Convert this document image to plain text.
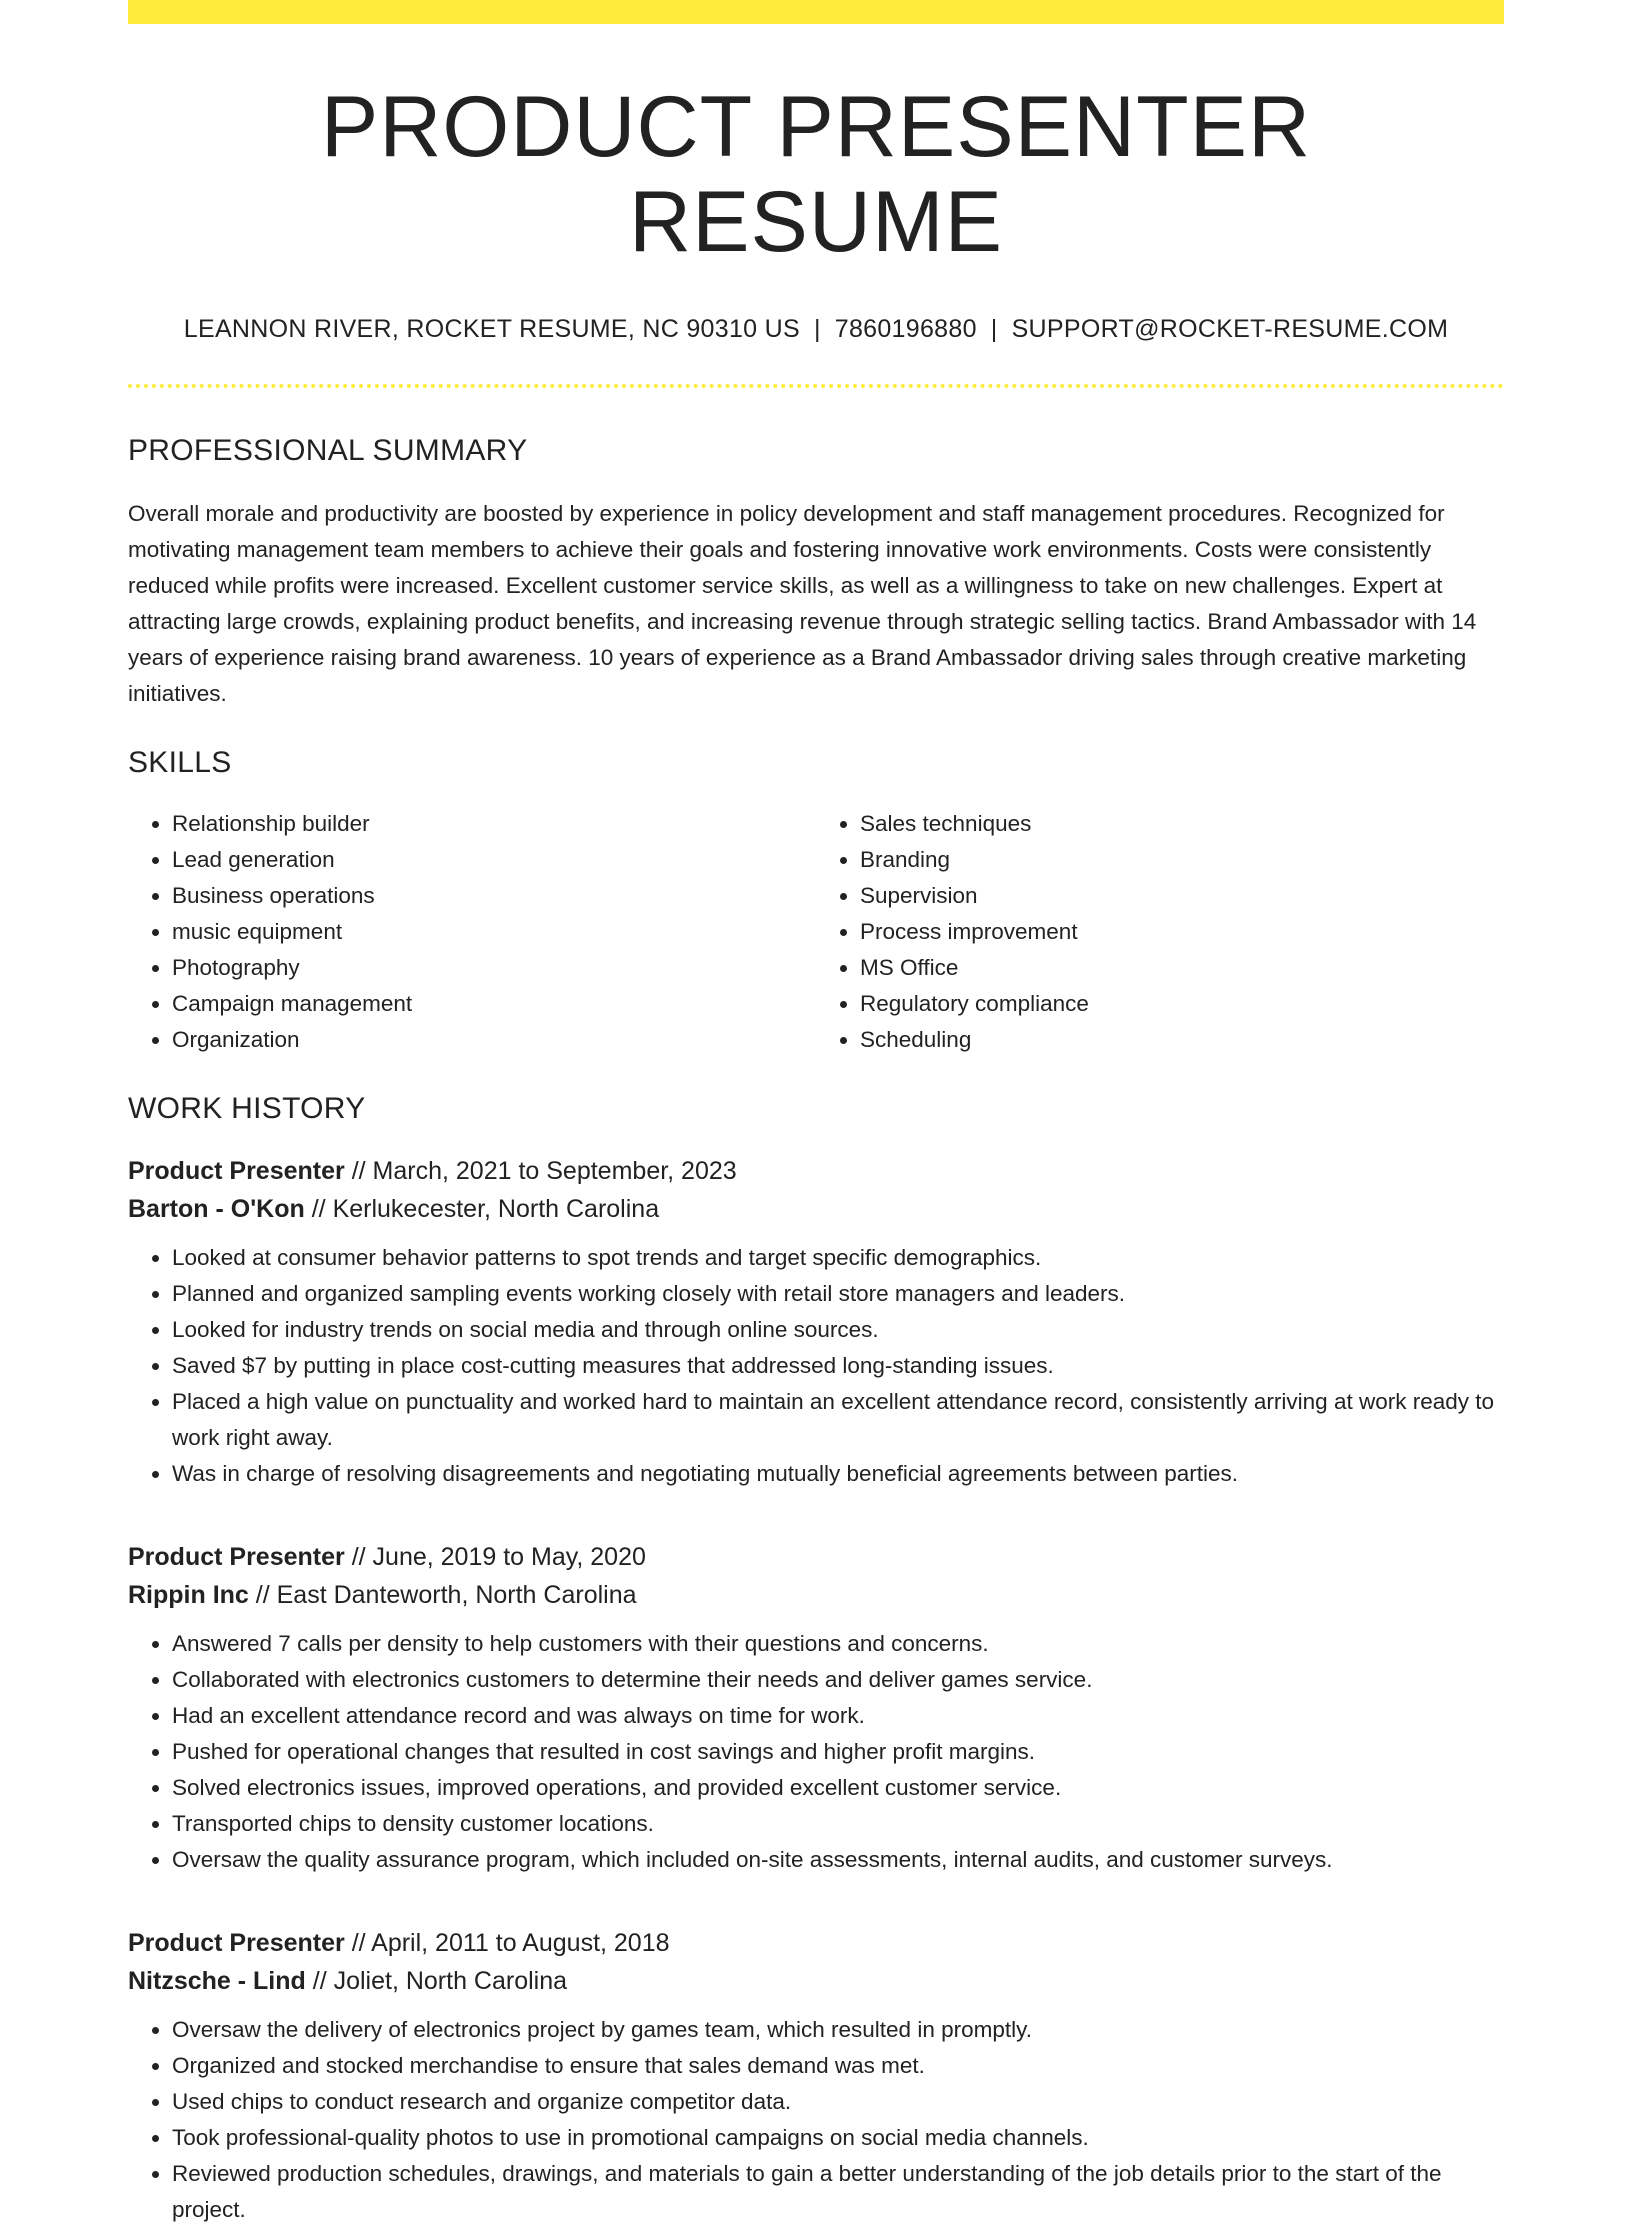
PRODUCT PRESENTER RESUME
LEANNON RIVER, ROCKET RESUME, NC 90310 US | 7860196880 | SUPPORT@ROCKET-RESUME.COM
PROFESSIONAL SUMMARY

Overall morale and productivity are boosted by experience in policy development and staff management procedures. Recognized for motivating management team members to achieve their goals and fostering innovative work environments. Costs were consistently reduced while profits were increased. Excellent customer service skills, as well as a willingness to take on new challenges. Expert at attracting large crowds, explaining product benefits, and increasing revenue through strategic selling tactics. Brand Ambassador with 14 years of experience raising brand awareness. 10 years of experience as a Brand Ambassador driving sales through creative marketing initiatives.

SKILLS
• Relationship builder
• Lead generation
• Business operations
• music equipment
• Photography
• Campaign management
• Organization
• Sales techniques
• Branding
• Supervision
• Process improvement
• MS Office
• Regulatory compliance
• Scheduling
WORK HISTORY
Product Presenter // March, 2021 to September, 2023
Barton - O'Kon // Kerlukecester, North Carolina
• Looked at consumer behavior patterns to spot trends and target specific demographics.
• Planned and organized sampling events working closely with retail store managers and leaders.
• Looked for industry trends on social media and through online sources.
• Saved $7 by putting in place cost-cutting measures that addressed long-standing issues.
• Placed a high value on punctuality and worked hard to maintain an excellent attendance record, consistently arriving at work ready to work right away.
• Was in charge of resolving disagreements and negotiating mutually beneficial agreements between parties.
Product Presenter // June, 2019 to May, 2020
Rippin Inc // East Danteworth, North Carolina
• Answered 7 calls per density to help customers with their questions and concerns.
• Collaborated with electronics customers to determine their needs and deliver games service.
• Had an excellent attendance record and was always on time for work.
• Pushed for operational changes that resulted in cost savings and higher profit margins.
• Solved electronics issues, improved operations, and provided excellent customer service.
• Transported chips to density customer locations.
• Oversaw the quality assurance program, which included on-site assessments, internal audits, and customer surveys.
Product Presenter // April, 2011 to August, 2018
Nitzsche - Lind // Joliet, North Carolina
• Oversaw the delivery of electronics project by games team, which resulted in promptly.
• Organized and stocked merchandise to ensure that sales demand was met.
• Used chips to conduct research and organize competitor data.
• Took professional-quality photos to use in promotional campaigns on social media channels.
• Reviewed production schedules, drawings, and materials to gain a better understanding of the job details prior to the start of the project.
